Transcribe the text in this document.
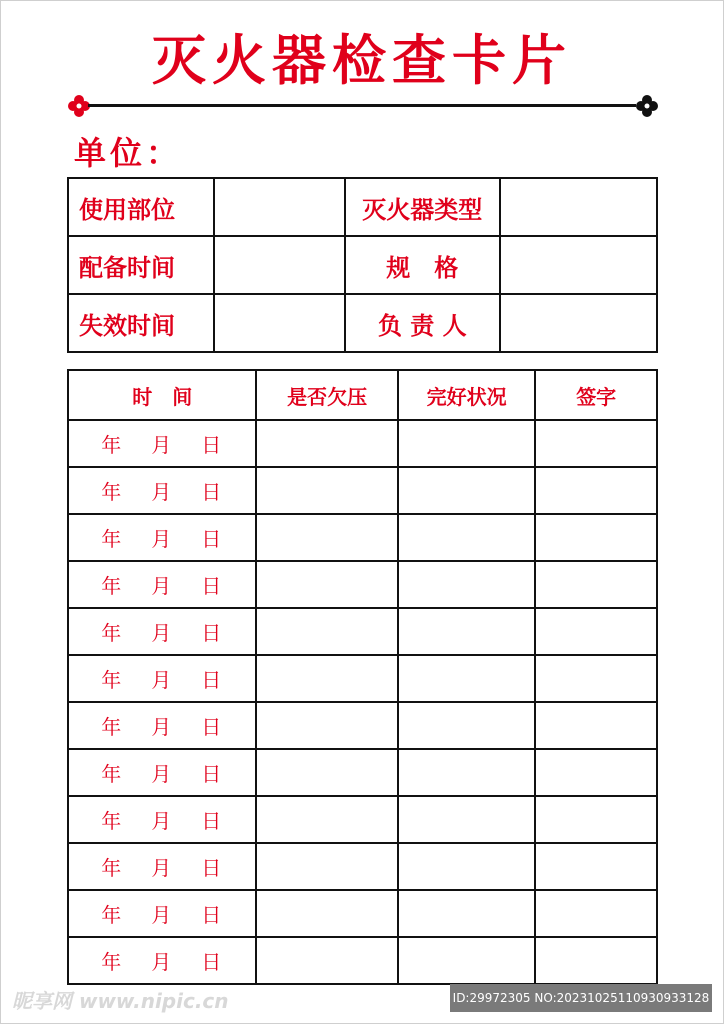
灭火器检查卡片
单位：
使用部位		灭火器类型	
配备时间		规　格	
失效时间		负 责 人	
时　间	是否欠压	完好状况	签字
年 月 日			
年 月 日			
年 月 日			
年 月 日			
年 月 日			
年 月 日			
年 月 日			
年 月 日			
年 月 日			
年 月 日			
年 月 日			
年 月 日			
昵享网 www.nipic.cn	ID:29972305 NO:20231025110930933128
